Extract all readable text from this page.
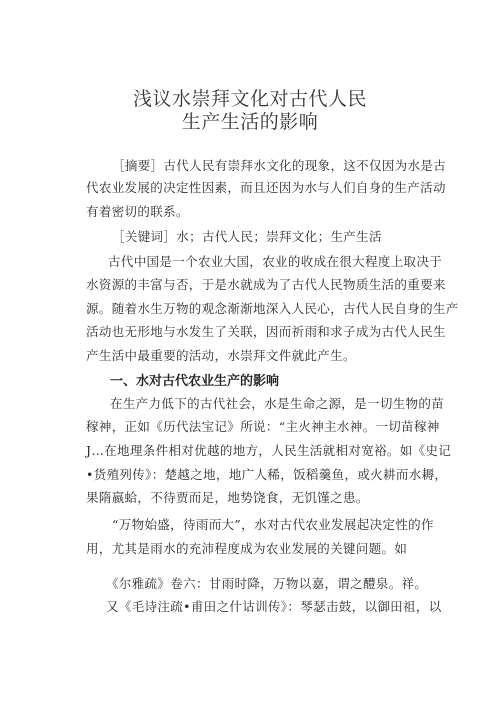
浅议水崇拜文化对古代人民
生产生活的影响
［摘要］古代人民有崇拜水文化的现象，这不仅因为水是古
代农业发展的决定性因素，而且还因为水与人们自身的生产活动
有着密切的联系。
［关键词］水；古代人民；崇拜文化；生产生活
古代中国是一个农业大国，农业的收成在很大程度上取决于
水资源的丰富与否，于是水就成为了古代人民物质生活的重要来
源。随着水生万物的观念渐渐地深入人民心，古代人民自身的生产
活动也无形地与水发生了关联，因而祈雨和求子成为古代人民生
产生活中最重要的活动，水崇拜文件就此产生。
一、水对古代农业生产的影响
在生产力低下的古代社会，水是生命之源，是一切生物的苗
稼神，正如《历代法宝记》所说：“主火神主水神。一切苗稼神
J…在地理条件相对优越的地方，人民生活就相对宽裕。如《史记
•货殖列传》：楚越之地，地广人稀，饭稻羹鱼，或火耕而水耨，
果隋嬴蛤，不待贾而足，地势饶食，无饥馑之患。
“万物始盛，待雨而大”，水对古代农业发展起决定性的作
用，尤其是雨水的充沛程度成为农业发展的关键问题。如
《尔雅疏》卷六：甘雨时降，万物以嘉，谓之醴泉。祥。
又《毛诗注疏•甫田之什诂训传》：琴瑟击鼓，以御田祖，以
